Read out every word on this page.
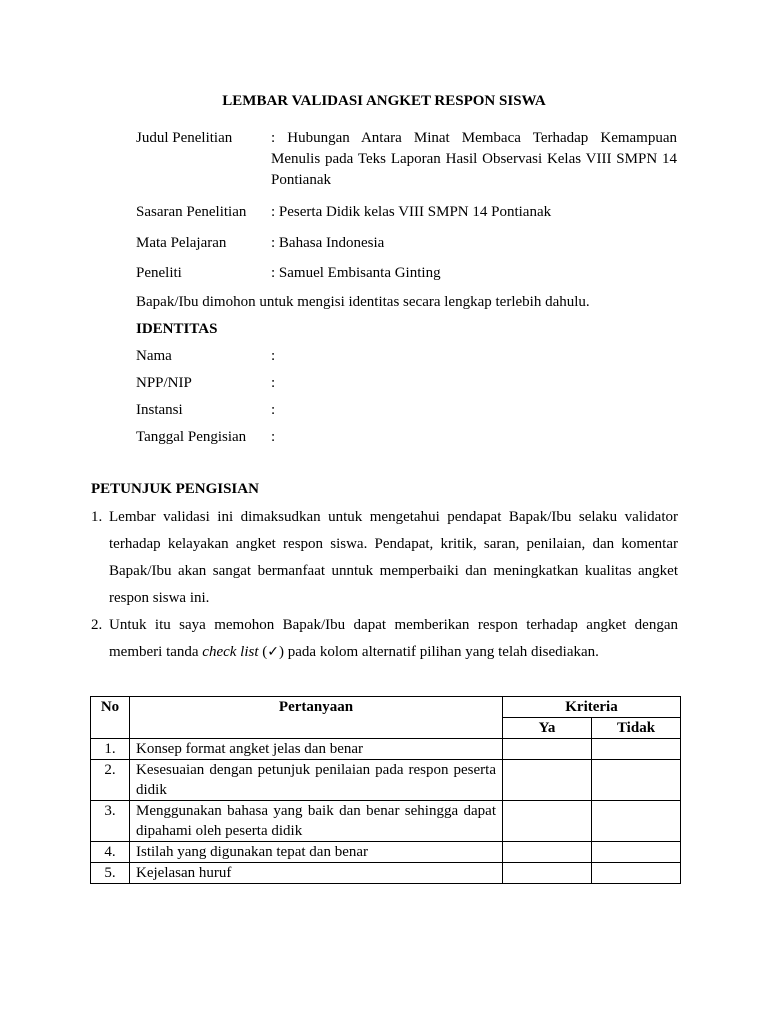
LEMBAR VALIDASI ANGKET RESPON SISWA
Judul Penelitian	: Hubungan Antara Minat Membaca Terhadap Kemampuan Menulis pada Teks Laporan Hasil Observasi Kelas VIII SMPN 14 Pontianak
Sasaran Penelitian : Peserta Didik kelas VIII SMPN 14 Pontianak
Mata Pelajaran	: Bahasa Indonesia
Peneliti	: Samuel Embisanta Ginting
Bapak/Ibu dimohon untuk mengisi identitas secara lengkap terlebih dahulu.
IDENTITAS
Nama	:
NPP/NIP	:
Instansi	:
Tanggal Pengisian :
PETUNJUK PENGISIAN
1. Lembar validasi ini dimaksudkan untuk mengetahui pendapat Bapak/Ibu selaku validator terhadap kelayakan angket respon siswa. Pendapat, kritik, saran, penilaian, dan komentar Bapak/Ibu akan sangat bermanfaat unntuk memperbaiki dan meningkatkan kualitas angket respon siswa ini.
2. Untuk itu saya memohon Bapak/Ibu dapat memberikan respon terhadap angket dengan memberi tanda check list (✓) pada kolom alternatif pilihan yang telah disediakan.
No	Pertanyaan	Kriteria	
		Ya	Tidak
1.	Konsep format angket jelas dan benar		
2.	Kesesuaian dengan petunjuk penilaian pada respon peserta didik		
3.	Menggunakan bahasa yang baik dan benar sehingga dapat dipahami oleh peserta didik		
4.	Istilah yang digunakan tepat dan benar		
5.	Kejelasan huruf		
